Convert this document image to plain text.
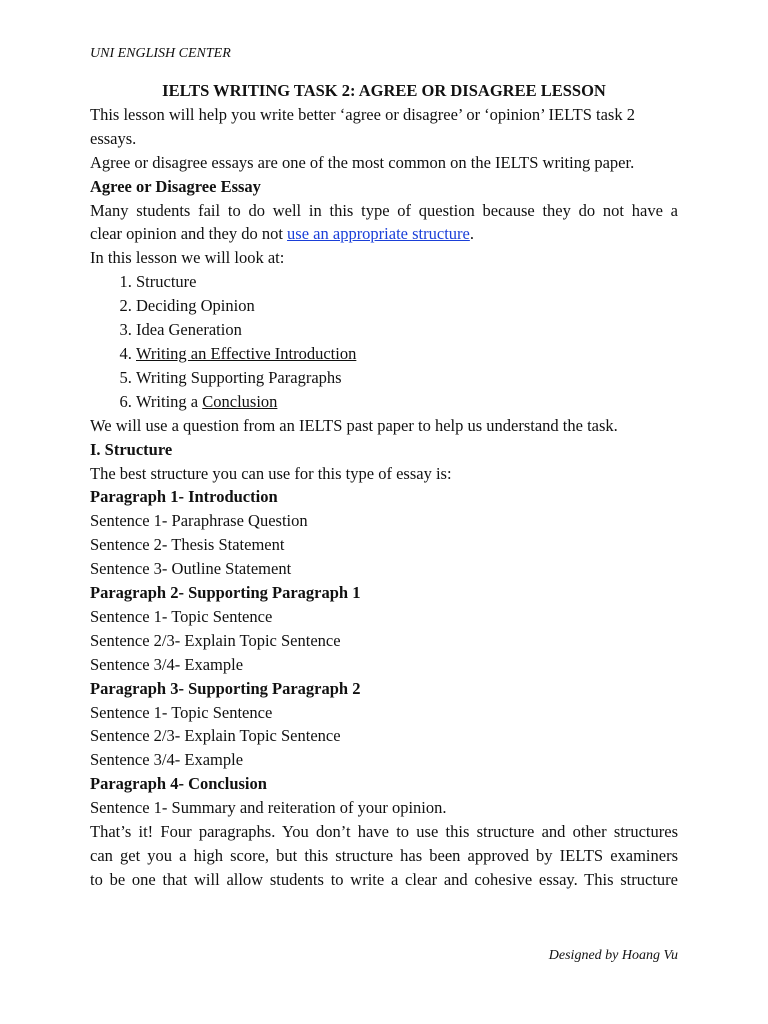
UNI ENGLISH CENTER
IELTS WRITING TASK 2: AGREE OR DISAGREE LESSON
This lesson will help you write better ‘agree or disagree’ or ‘opinion’ IELTS task 2
essays.
Agree or disagree essays are one of the most common on the IELTS writing paper.
Agree or Disagree Essay
Many students fail to do well in this type of question because they do not have a
clear opinion and they do not use an appropriate structure.
In this lesson we will look at:
1. Structure
2. Deciding Opinion
3. Idea Generation
4. Writing an Effective Introduction
5. Writing Supporting Paragraphs
6. Writing a Conclusion
We will use a question from an IELTS past paper to help us understand the task.
I. Structure
The best structure you can use for this type of essay is:
Paragraph 1- Introduction
Sentence 1- Paraphrase Question
Sentence 2- Thesis Statement
Sentence 3- Outline Statement
Paragraph 2- Supporting Paragraph 1
Sentence 1- Topic Sentence
Sentence 2/3- Explain Topic Sentence
Sentence 3/4- Example
Paragraph 3- Supporting Paragraph 2
Sentence 1- Topic Sentence
Sentence 2/3- Explain Topic Sentence
Sentence 3/4- Example
Paragraph 4- Conclusion
Sentence 1- Summary and reiteration of your opinion.
That’s it! Four paragraphs. You don’t have to use this structure and other structures
can get you a high score, but this structure has been approved by IELTS examiners
to be one that will allow students to write a clear and cohesive essay. This structure
Designed by Hoang Vu
